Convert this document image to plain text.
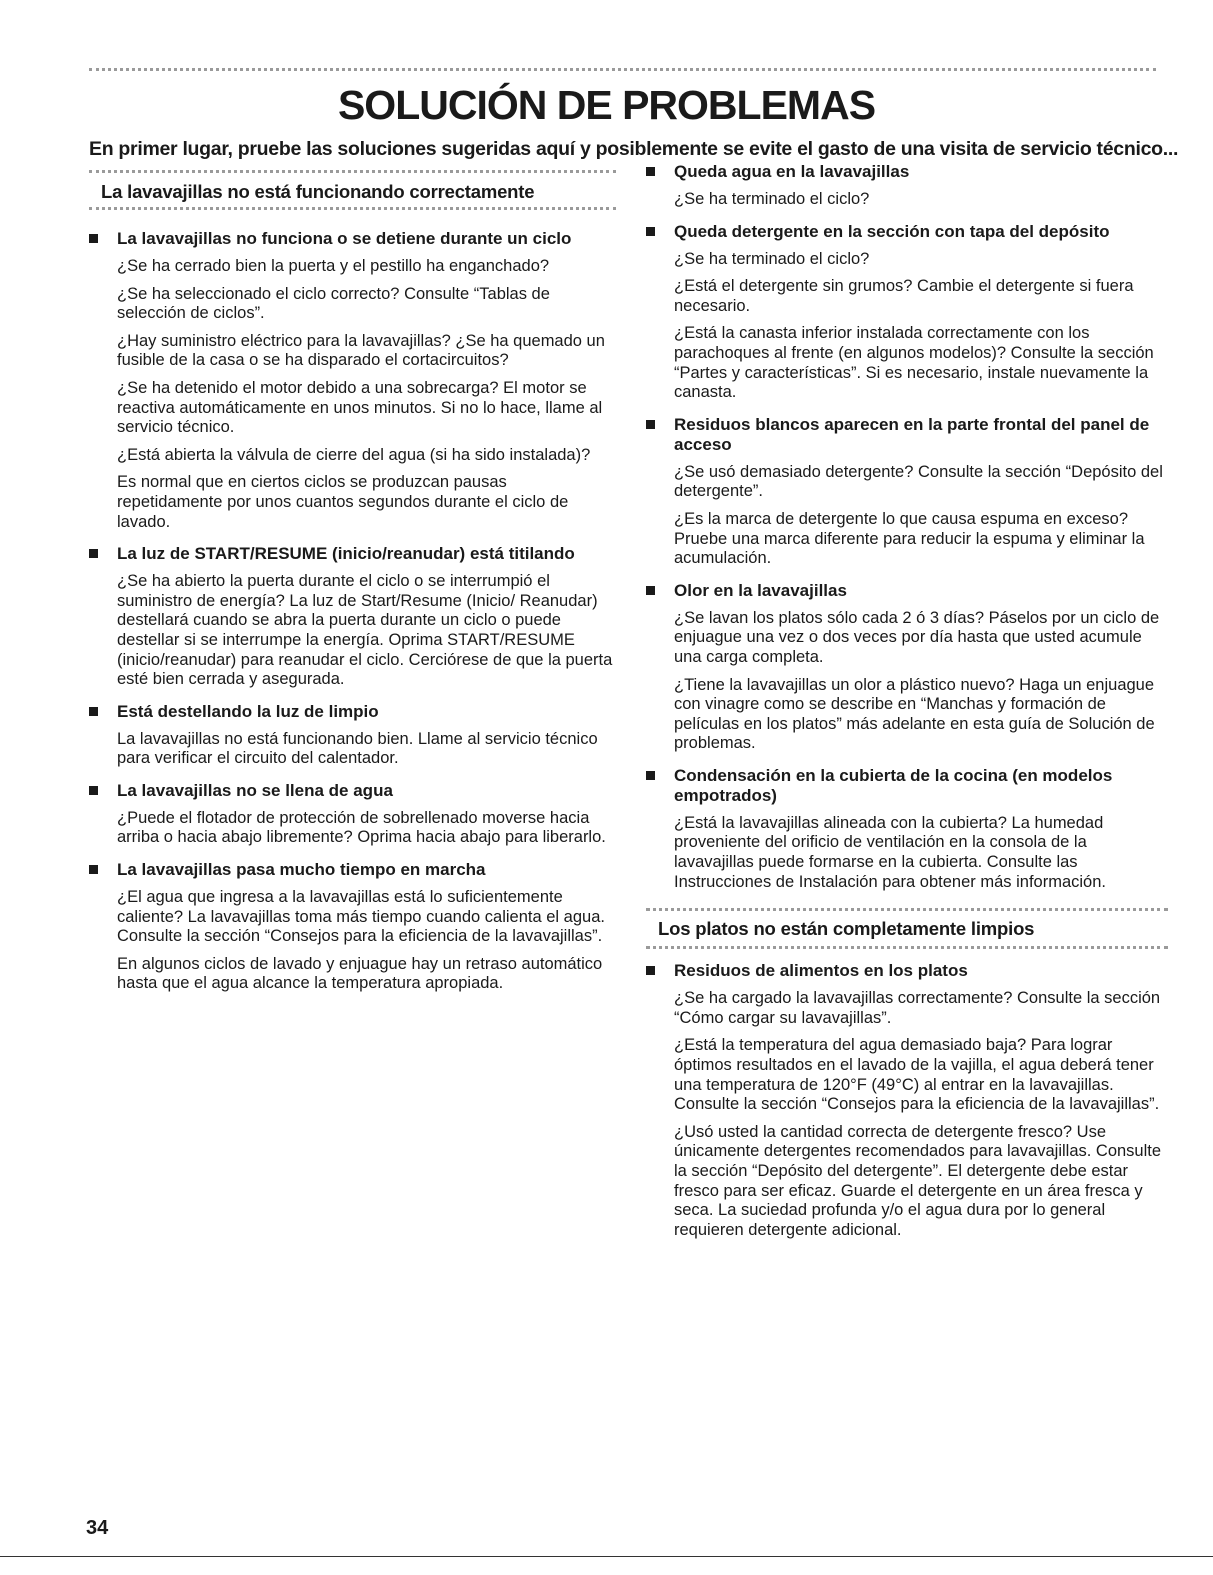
SOLUCIÓN DE PROBLEMAS
En primer lugar, pruebe las soluciones sugeridas aquí y posiblemente se evite el gasto de una visita de servicio técnico...
La lavavajillas no está funcionando correctamente
La lavavajillas no funciona o se detiene durante un ciclo
¿Se ha cerrado bien la puerta y el pestillo ha enganchado?
¿Se ha seleccionado el ciclo correcto? Consulte “Tablas de selección de ciclos”.
¿Hay suministro eléctrico para la lavavajillas? ¿Se ha quemado un fusible de la casa o se ha disparado el cortacircuitos?
¿Se ha detenido el motor debido a una sobrecarga? El motor se reactiva automáticamente en unos minutos. Si no lo hace, llame al servicio técnico.
¿Está abierta la válvula de cierre del agua (si ha sido instalada)?
Es normal que en ciertos ciclos se produzcan pausas repetidamente por unos cuantos segundos durante el ciclo de lavado.
La luz de START/RESUME (inicio/reanudar) está titilando
¿Se ha abierto la puerta durante el ciclo o se interrumpió el suministro de energía? La luz de Start/Resume (Inicio/ Reanudar) destellará cuando se abra la puerta durante un ciclo o puede destellar si se interrumpe la energía. Oprima START/RESUME (inicio/reanudar) para reanudar el ciclo. Cerciórese de que la puerta esté bien cerrada y asegurada.
Está destellando la luz de limpio
La lavavajillas no está funcionando bien. Llame al servicio técnico para verificar el circuito del calentador.
La lavavajillas no se llena de agua
¿Puede el flotador de protección de sobrellenado moverse hacia arriba o hacia abajo libremente? Oprima hacia abajo para liberarlo.
La lavavajillas pasa mucho tiempo en marcha
¿El agua que ingresa a la lavavajillas está lo suficientemente caliente? La lavavajillas toma más tiempo cuando calienta el agua. Consulte la sección “Consejos para la eficiencia de la lavavajillas”.
En algunos ciclos de lavado y enjuague hay un retraso automático hasta que el agua alcance la temperatura apropiada.
Queda agua en la lavavajillas
¿Se ha terminado el ciclo?
Queda detergente en la sección con tapa del depósito
¿Se ha terminado el ciclo?
¿Está el detergente sin grumos? Cambie el detergente si fuera necesario.
¿Está la canasta inferior instalada correctamente con los parachoques al frente (en algunos modelos)? Consulte la sección “Partes y características”. Si es necesario, instale nuevamente la canasta.
Residuos blancos aparecen en la parte frontal del panel de acceso
¿Se usó demasiado detergente? Consulte la sección “Depósito del detergente”.
¿Es la marca de detergente lo que causa espuma en exceso? Pruebe una marca diferente para reducir la espuma y eliminar la acumulación.
Olor en la lavavajillas
¿Se lavan los platos sólo cada 2 ó 3 días? Páselos por un ciclo de enjuague una vez o dos veces por día hasta que usted acumule una carga completa.
¿Tiene la lavavajillas un olor a plástico nuevo? Haga un enjuague con vinagre como se describe en “Manchas y formación de películas en los platos” más adelante en esta guía de Solución de problemas.
Condensación en la cubierta de la cocina (en modelos empotrados)
¿Está la lavavajillas alineada con la cubierta? La humedad proveniente del orificio de ventilación en la consola de la lavavajillas puede formarse en la cubierta. Consulte las Instrucciones de Instalación para obtener más información.
Los platos no están completamente limpios
Residuos de alimentos en los platos
¿Se ha cargado la lavavajillas correctamente? Consulte la sección “Cómo cargar su lavavajillas”.
¿Está la temperatura del agua demasiado baja? Para lograr óptimos resultados en el lavado de la vajilla, el agua deberá tener una temperatura de 120°F (49°C) al entrar en la lavavajillas. Consulte la sección “Consejos para la eficiencia de la lavavajillas”.
¿Usó usted la cantidad correcta de detergente fresco? Use únicamente detergentes recomendados para lavavajillas. Consulte la sección “Depósito del detergente”. El detergente debe estar fresco para ser eficaz. Guarde el detergente en un área fresca y seca. La suciedad profunda y/o el agua dura por lo general requieren detergente adicional.
34
